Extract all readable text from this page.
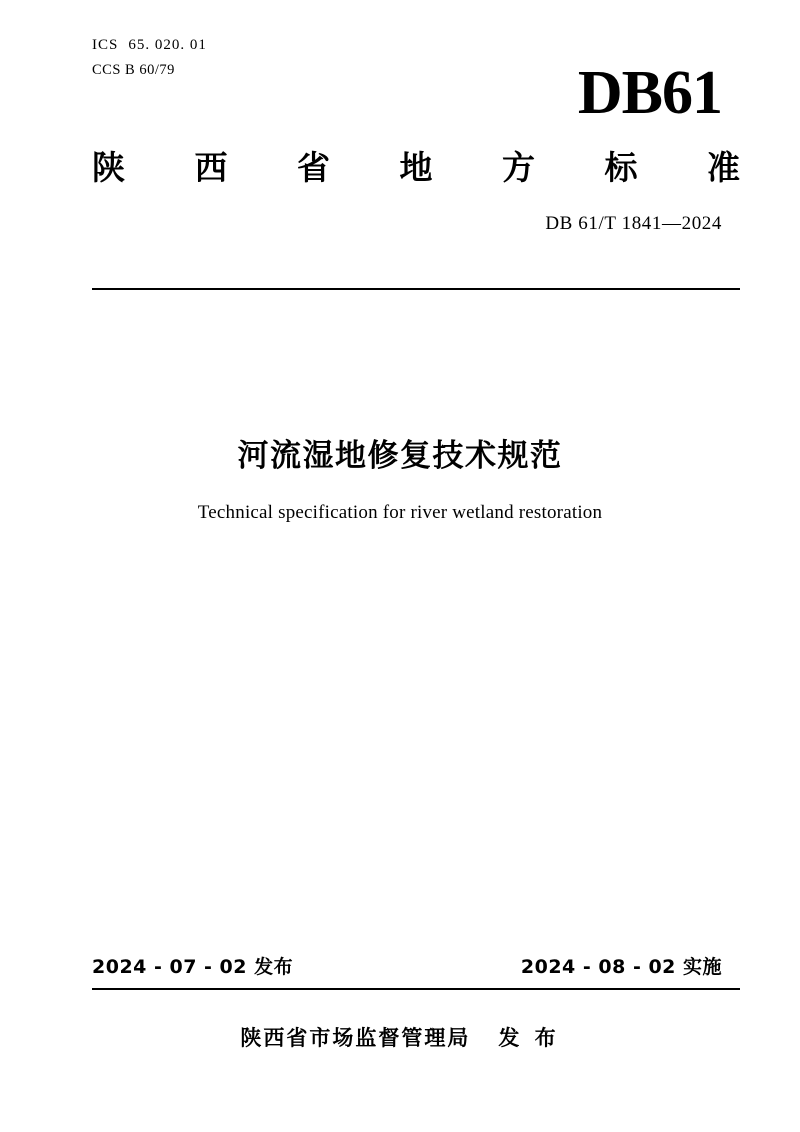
ICS 65. 020. 01
CCS B 60/79	DB61
陕 西 省 地 方 标 准
DB 61/T 1841—2024
河流湿地修复技术规范
Technical specification for river wetland restoration
2024 - 07 - 02 发布	2024 - 08 - 02 实施
陕西省市场监督管理局 发 布
